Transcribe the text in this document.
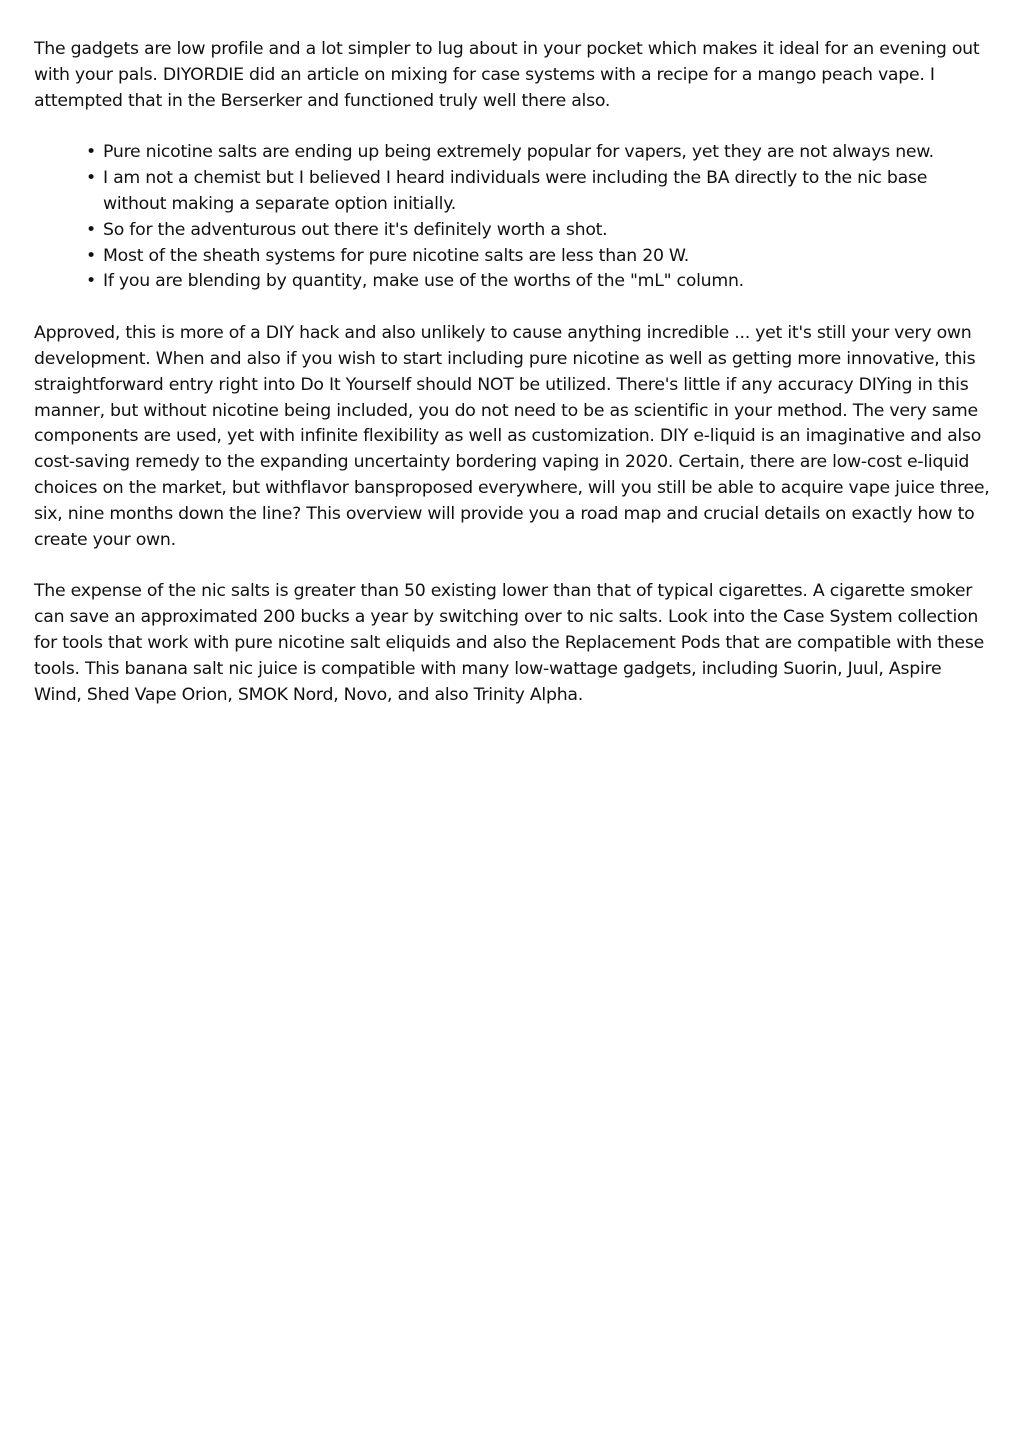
The gadgets are low profile and a lot simpler to lug about in your pocket which makes it ideal for an evening out with your pals. DIYORDIE did an article on mixing for case systems with a recipe for a mango peach vape. I attempted that in the Berserker and functioned truly well there also.

• Pure nicotine salts are ending up being extremely popular for vapers, yet they are not always new.
• I am not a chemist but I believed I heard individuals were including the BA directly to the nic base without making a separate option initially.
• So for the adventurous out there it's definitely worth a shot.
• Most of the sheath systems for pure nicotine salts are less than 20 W.
• If you are blending by quantity, make use of the worths of the "mL" column.

Approved, this is more of a DIY hack and also unlikely to cause anything incredible ... yet it's still your very own development. When and also if you wish to start including pure nicotine as well as getting more innovative, this straightforward entry right into Do It Yourself should NOT be utilized. There's little if any accuracy DIYing in this manner, but without nicotine being included, you do not need to be as scientific in your method. The very same components are used, yet with infinite flexibility as well as customization. DIY e-liquid is an imaginative and also cost-saving remedy to the expanding uncertainty bordering vaping in 2020. Certain, there are low-cost e-liquid choices on the market, but withflavor bansproposed everywhere, will you still be able to acquire vape juice three, six, nine months down the line? This overview will provide you a road map and crucial details on exactly how to create your own.

The expense of the nic salts is greater than 50 existing lower than that of typical cigarettes. A cigarette smoker can save an approximated 200 bucks a year by switching over to nic salts. Look into the Case System collection for tools that work with pure nicotine salt eliquids and also the Replacement Pods that are compatible with these tools. This banana salt nic juice is compatible with many low-wattage gadgets, including Suorin, Juul, Aspire Wind, Shed Vape Orion, SMOK Nord, Novo, and also Trinity Alpha.
